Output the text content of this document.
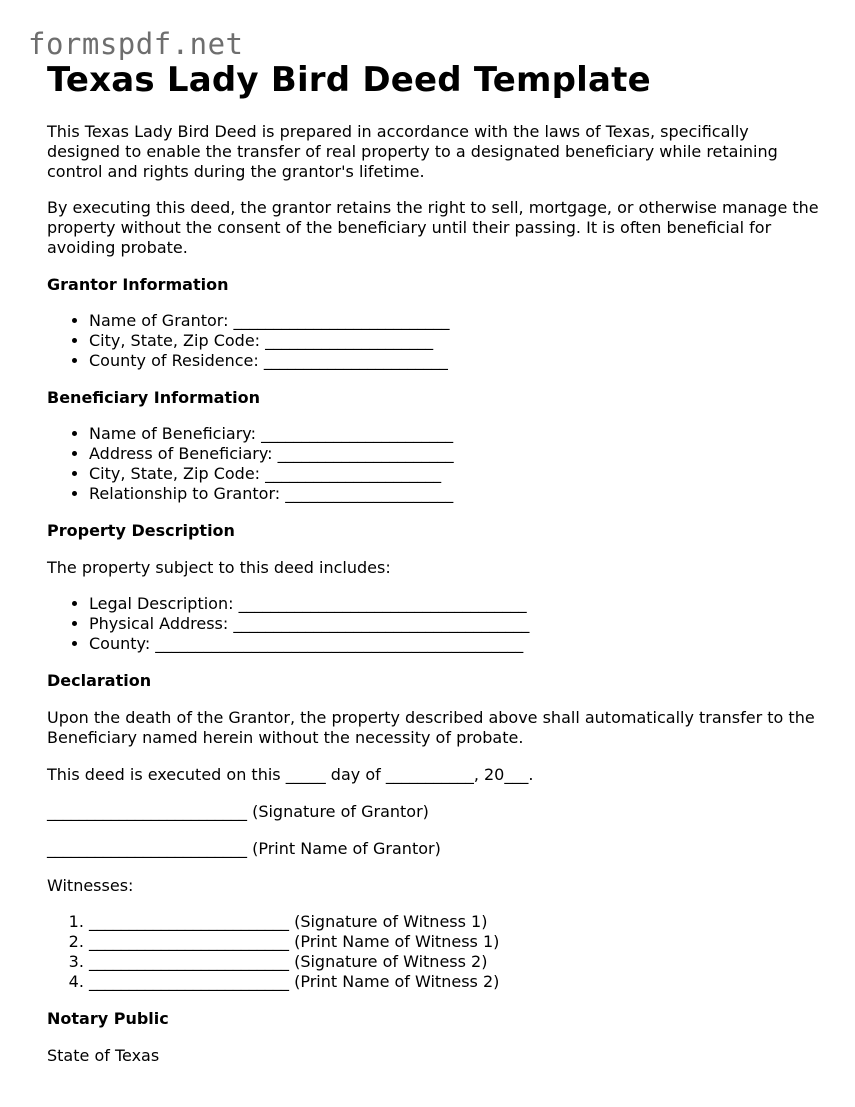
formspdf.net
Texas Lady Bird Deed Template

This Texas Lady Bird Deed is prepared in accordance with the laws of Texas, specifically designed to enable the transfer of real property to a designated beneficiary while retaining control and rights during the grantor's lifetime.

By executing this deed, the grantor retains the right to sell, mortgage, or otherwise manage the property without the consent of the beneficiary until their passing. It is often beneficial for avoiding probate.

Grantor Information
• Name of Grantor: ___________________________
• City, State, Zip Code: _____________________
• County of Residence: _______________________
Beneficiary Information
• Name of Beneficiary: ________________________
• Address of Beneficiary: ______________________
• City, State, Zip Code: ______________________
• Relationship to Grantor: _____________________
Property Description

The property subject to this deed includes:

• Legal Description: ____________________________________
• Physical Address: _____________________________________
• County: ______________________________________________
Declaration

Upon the death of the Grantor, the property described above shall automatically transfer to the Beneficiary named herein without the necessity of probate.

This deed is executed on this _____ day of ___________, 20___.

_________________________ (Signature of Grantor)

_________________________ (Print Name of Grantor)

Witnesses:

1. _________________________ (Signature of Witness 1)
2. _________________________ (Print Name of Witness 1)
3. _________________________ (Signature of Witness 2)
4. _________________________ (Print Name of Witness 2)
Notary Public

State of Texas
